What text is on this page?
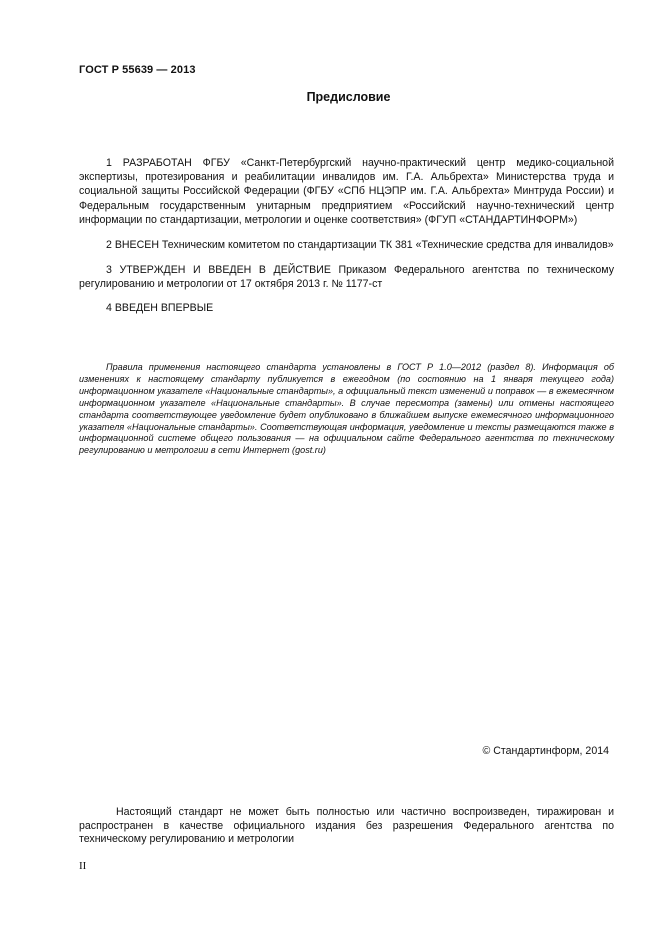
ГОСТ Р 55639 — 2013
Предисловие

1 РАЗРАБОТАН ФГБУ «Санкт-Петербургский научно-практический центр медико-социальной экспертизы, протезирования и реабилитации инвалидов им. Г.А. Альбрехта» Министерства труда и социальной защиты Российской Федерации (ФГБУ «СПб НЦЭПР им. Г.А. Альбрехта» Минтруда России) и Федеральным государственным унитарным предприятием «Российский научно-технический центр информации по стандартизации, метрологии и оценке соответствия» (ФГУП «СТАНДАРТИНФОРМ»)

2 ВНЕСЕН Техническим комитетом по стандартизации ТК 381 «Технические средства для инвалидов»

3 УТВЕРЖДЕН И ВВЕДЕН В ДЕЙСТВИЕ Приказом Федерального агентства по техническому регулированию и метрологии от 17 октября 2013 г. № 1177-ст

4 ВВЕДЕН ВПЕРВЫЕ

Правила применения настоящего стандарта установлены в ГОСТ Р 1.0—2012 (раздел 8). Информация об изменениях к настоящему стандарту публикуется в ежегодном (по состоянию на 1 января текущего года) информационном указателе «Национальные стандарты», а официальный текст изменений и поправок — в ежемесячном информационном указателе «Национальные стандарты». В случае пересмотра (замены) или отмены настоящего стандарта соответствующее уведомление будет опубликовано в ближайшем выпуске ежемесячного информационного указателя «Национальные стандарты». Соответствующая информация, уведомление и тексты размещаются также в информационной системе общего пользования — на официальном сайте Федерального агентства по техническому регулированию и метрологии в сети Интернет (gost.ru)

© Стандартинформ, 2014

Настоящий стандарт не может быть полностью или частично воспроизведен, тиражирован и распространен в качестве официального издания без разрешения Федерального агентства по техническому регулированию и метрологии

II
